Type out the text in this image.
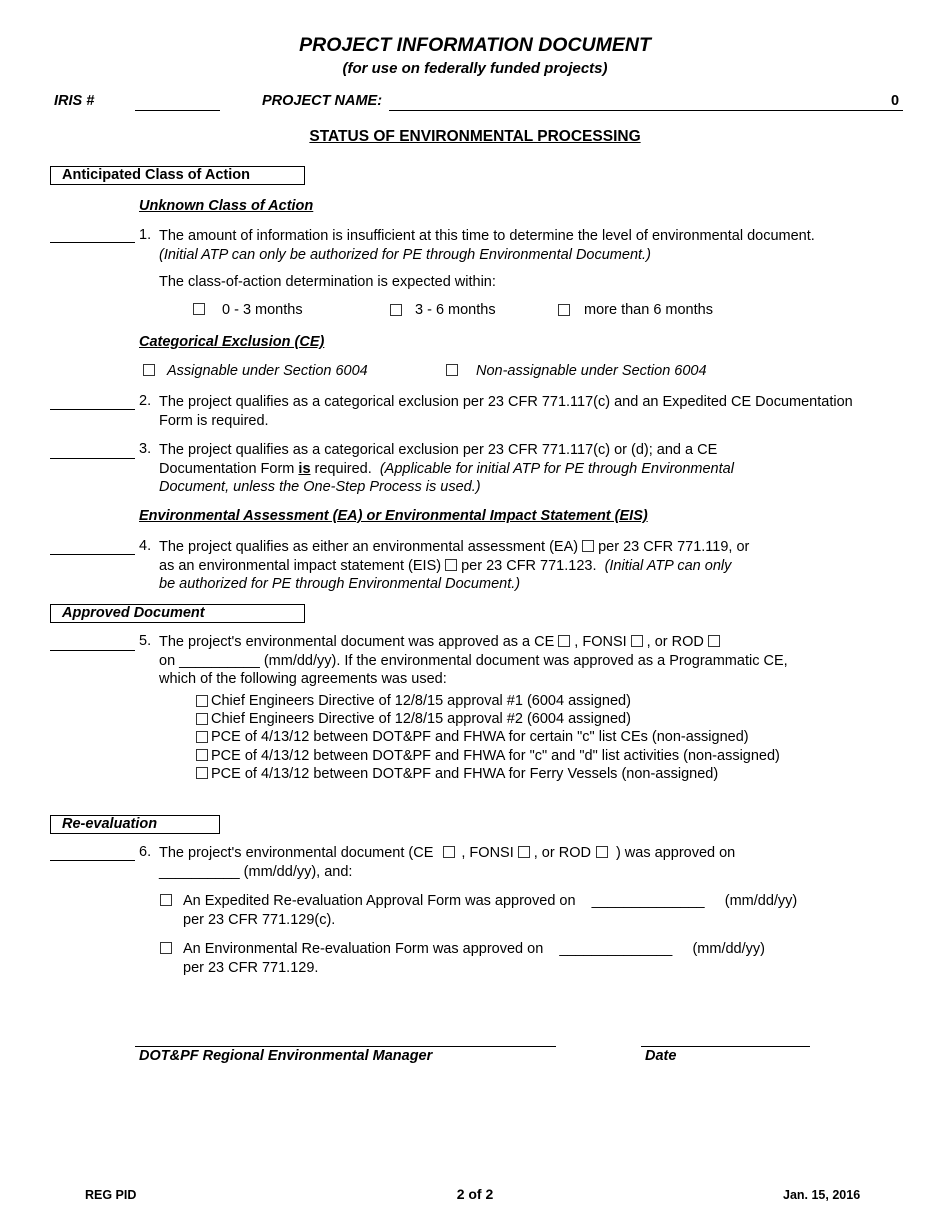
PROJECT INFORMATION DOCUMENT
(for use on federally funded projects)
IRIS #	PROJECT NAME:	0
STATUS OF ENVIRONMENTAL PROCESSING
Anticipated Class of Action
Unknown Class of Action
1. The amount of information is insufficient at this time to determine the level of environmental document.
(Initial ATP can only be authorized for PE through Environmental Document.)
The class-of-action determination is expected within:
0 - 3 months	3 - 6 months	more than 6 months
Categorical Exclusion (CE)
Assignable under Section 6004	Non-assignable under Section 6004
2. The project qualifies as a categorical exclusion per 23 CFR 771.117(c) and an Expedited CE Documentation
Form is required.
3. The project qualifies as a categorical exclusion per 23 CFR 771.117(c) or (d); and a CE
Documentation Form is required. (Applicable for initial ATP for PE through Environmental
Document, unless the One-Step Process is used.)
Environmental Assessment (EA) or Environmental Impact Statement (EIS)
4. The project qualifies as either an environmental assessment (EA) per 23 CFR 771.119, or
as an environmental impact statement (EIS) per 23 CFR 771.123. (Initial ATP can only
be authorized for PE through Environmental Document.)
Approved Document
5. The project's environmental document was approved as a CE , FONSI , or ROD
on __________ (mm/dd/yy). If the environmental document was approved as a Programmatic CE,
which of the following agreements was used:
Chief Engineers Directive of 12/8/15 approval #1 (6004 assigned)
Chief Engineers Directive of 12/8/15 approval #2 (6004 assigned)
PCE of 4/13/12 between DOT&PF and FHWA for certain "c" list CEs (non-assigned)
PCE of 4/13/12 between DOT&PF and FHWA for "c" and "d" list activities (non-assigned)
PCE of 4/13/12 between DOT&PF and FHWA for Ferry Vessels (non-assigned)
Re-evaluation
6. The project's environmental document (CE , FONSI , or ROD ) was approved on
__________ (mm/dd/yy), and:
An Expedited Re-evaluation Approval Form was approved on ______________ (mm/dd/yy)
per 23 CFR 771.129(c).
An Environmental Re-evaluation Form was approved on ______________ (mm/dd/yy)
per 23 CFR 771.129.
DOT&PF Regional Environmental Manager	Date
REG PID	2 of 2	Jan. 15, 2016
